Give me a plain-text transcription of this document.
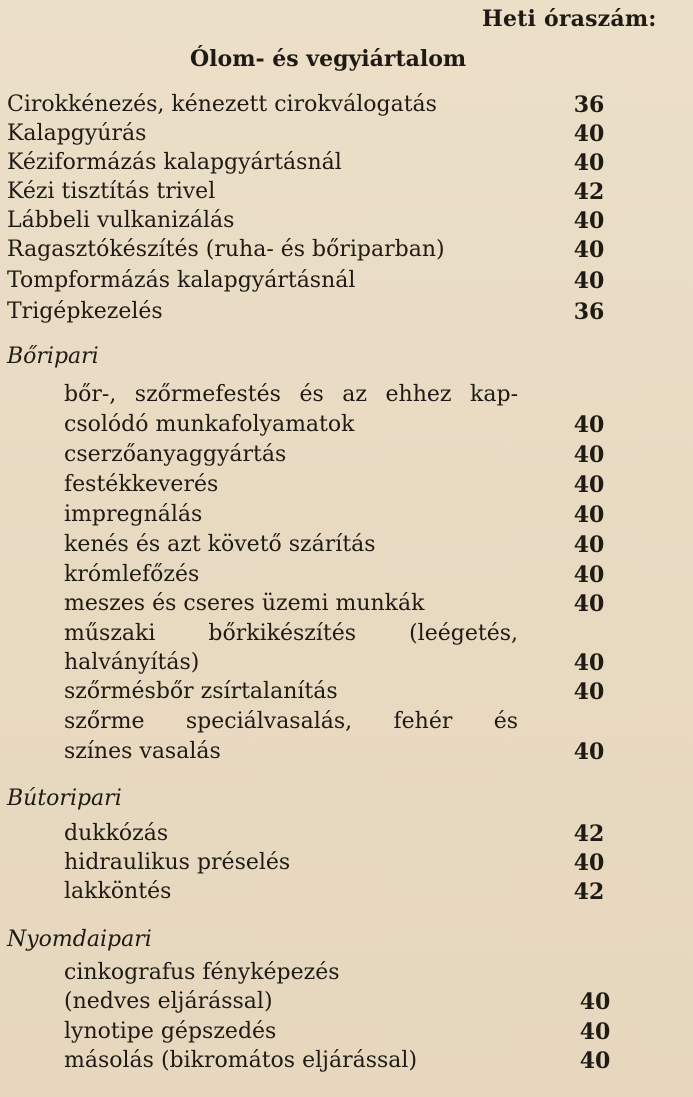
Heti óraszám:
Ólom- és vegyiártalom
Cirokkénezés, kénezett cirokválogatás	36
Kalapgyúrás	40
Kéziformázás kalapgyártásnál	40
Kézi tisztítás trivel	42
Lábbeli vulkanizálás	40
Ragasztókészítés (ruha- és bőriparban)	40
Tompformázás kalapgyártásnál	40
Trigépkezelés	36
Bőripari
bőr-, szőrmefestés és az ehhez kap-
csolódó munkafolyamatok	40
cserzőanyaggyártás	40
festékkeverés	40
impregnálás	40
kenés és azt követő szárítás	40
krómlefőzés	40
meszes és cseres üzemi munkák	40
műszaki bőrkikészítés (leégetés,
halványítás)	40
szőrmésbőr zsírtalanítás	40
szőrme speciálvasalás, fehér és
színes vasalás	40
Bútoripari
dukkózás	42
hidraulikus préselés	40
lakköntés	42
Nyomdaipari
cinkografus fényképezés
(nedves eljárással)	40
lynotipe gépszedés	40
másolás (bikromátos eljárással)	40
